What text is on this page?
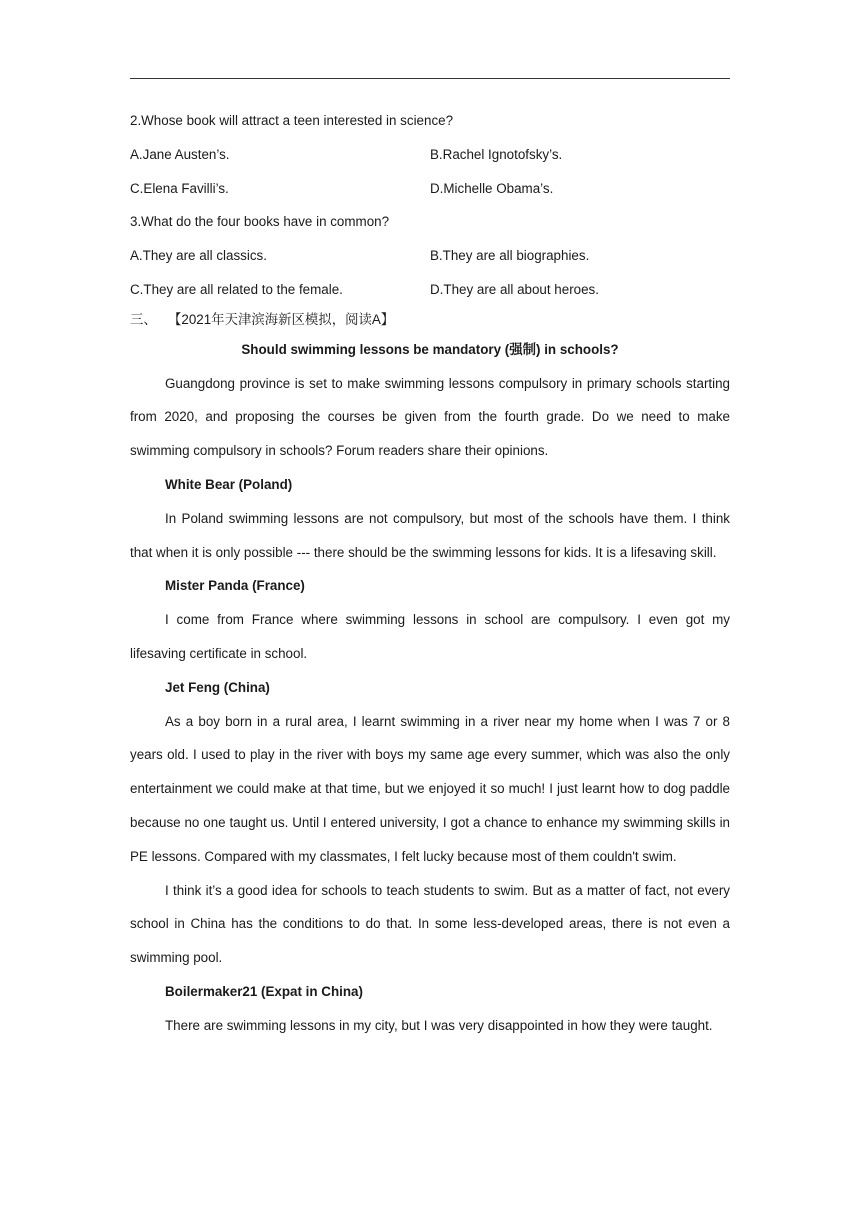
2.Whose book will attract a teen interested in science?
A.Jane Austen’s.	B.Rachel Ignotofsky’s.
C.Elena Favilli’s.	D.Michelle Obama’s.
3.What do the four books have in common?
A.They are all classics.	B.They are all biographies.
C.They are all related to the female.	D.They are all about heroes.
三、 【2021年天津滨海新区模拟，阅读A】
Should swimming lessons be mandatory (强制) in schools?

Guangdong province is set to make swimming lessons compulsory in primary schools starting from 2020, and proposing the courses be given from the fourth grade. Do we need to make swimming compulsory in schools? Forum readers share their opinions.

White Bear (Poland)

In Poland swimming lessons are not compulsory, but most of the schools have them. I think that when it is only possible --- there should be the swimming lessons for kids. It is a lifesaving skill.

Mister Panda (France)

I come from France where swimming lessons in school are compulsory. I even got my lifesaving certificate in school.

Jet Feng (China)

As a boy born in a rural area, I learnt swimming in a river near my home when I was 7 or 8 years old. I used to play in the river with boys my same age every summer, which was also the only entertainment we could make at that time, but we enjoyed it so much! I just learnt how to dog paddle because no one taught us. Until I entered university, I got a chance to enhance my swimming skills in PE lessons. Compared with my classmates, I felt lucky because most of them couldn't swim.

I think it’s a good idea for schools to teach students to swim. But as a matter of fact, not every school in China has the conditions to do that. In some less-developed areas, there is not even a swimming pool.

Boilermaker21 (Expat in China)

There are swimming lessons in my city, but I was very disappointed in how they were taught.
